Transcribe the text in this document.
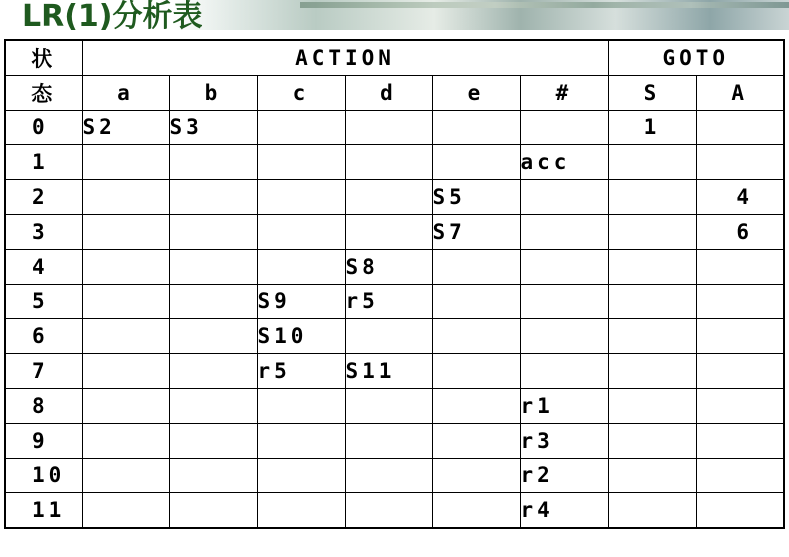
LR(1)分析表
状	ACTION						GOTO	
态	a	b	c	d	e	#	S	A
0	S2	S3					1	
1						acc		
2					S5			4
3					S7			6
4				S8				
5			S9	r5				
6			S10					
7			r5	S11				
8						r1		
9						r3		
10						r2		
11						r4		
